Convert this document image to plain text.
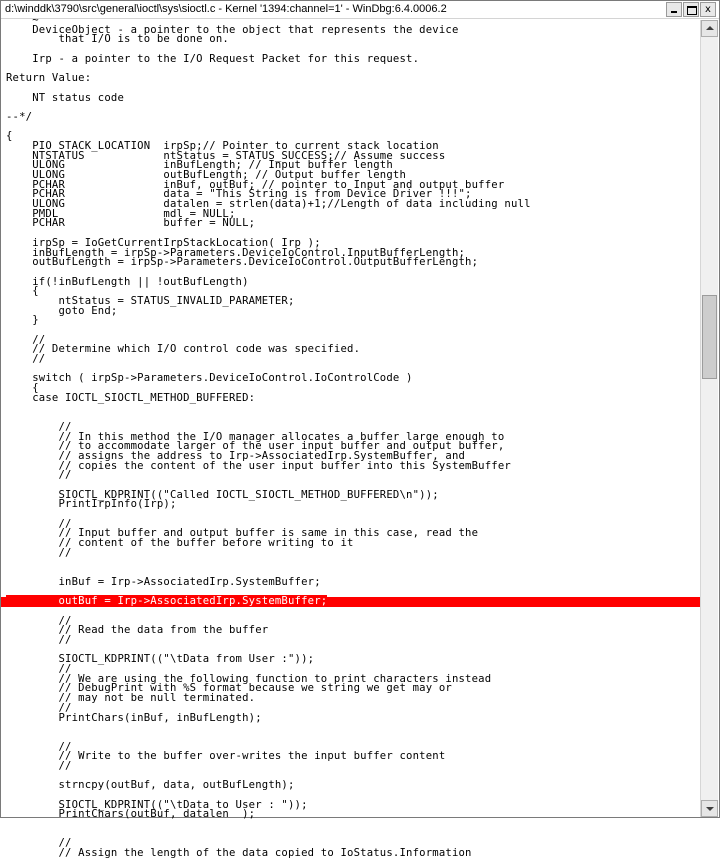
d:\winddk\3790\src\general\ioctl\sys\sioctl.c - Kernel '1394:channel=1' - WinDbg:6.4.0006.2	x
~
DeviceObject - a pointer to the object that represents the device
that I/O is to be done on.
Irp - a pointer to the I/O Request Packet for this request.
Return Value:
NT status code
--*/
{
PIO_STACK_LOCATION  irpSp;// Pointer to current stack location
NTSTATUS            ntStatus = STATUS_SUCCESS;// Assume success
ULONG               inBufLength; // Input buffer length
ULONG               outBufLength; // Output buffer length
PCHAR               inBuf, outBuf; // pointer to Input and output buffer
PCHAR               data = "This String is from Device Driver !!!";
ULONG               datalen = strlen(data)+1;//Length of data including null
PMDL                mdl = NULL;
PCHAR               buffer = NULL;
irpSp = IoGetCurrentIrpStackLocation( Irp );
inBufLength = irpSp->Parameters.DeviceIoControl.InputBufferLength;
outBufLength = irpSp->Parameters.DeviceIoControl.OutputBufferLength;
if(!inBufLength || !outBufLength)
{
ntStatus = STATUS_INVALID_PARAMETER;
goto End;
}
//
// Determine which I/O control code was specified.
//
switch ( irpSp->Parameters.DeviceIoControl.IoControlCode )
{
case IOCTL_SIOCTL_METHOD_BUFFERED:
//
// In this method the I/O manager allocates a buffer large enough to
// to accommodate larger of the user input buffer and output buffer,
// assigns the address to Irp->AssociatedIrp.SystemBuffer, and
// copies the content of the user input buffer into this SystemBuffer
//
SIOCTL_KDPRINT(("Called IOCTL_SIOCTL_METHOD_BUFFERED\n"));
PrintIrpInfo(Irp);
//
// Input buffer and output buffer is same in this case, read the
// content of the buffer before writing to it
//
inBuf = Irp->AssociatedIrp.SystemBuffer;
outBuf = Irp->AssociatedIrp.SystemBuffer;
//
// Read the data from the buffer
//
SIOCTL_KDPRINT(("\tData from User :"));
//
// We are using the following function to print characters instead
// DebugPrint with %S format because we string we get may or
// may not be null terminated.
//
PrintChars(inBuf, inBufLength);
//
// Write to the buffer over-writes the input buffer content
//
strncpy(outBuf, data, outBufLength);
SIOCTL_KDPRINT(("\tData to User : "));
PrintChars(outBuf, datalen  );
//
// Assign the length of the data copied to IoStatus.Information
